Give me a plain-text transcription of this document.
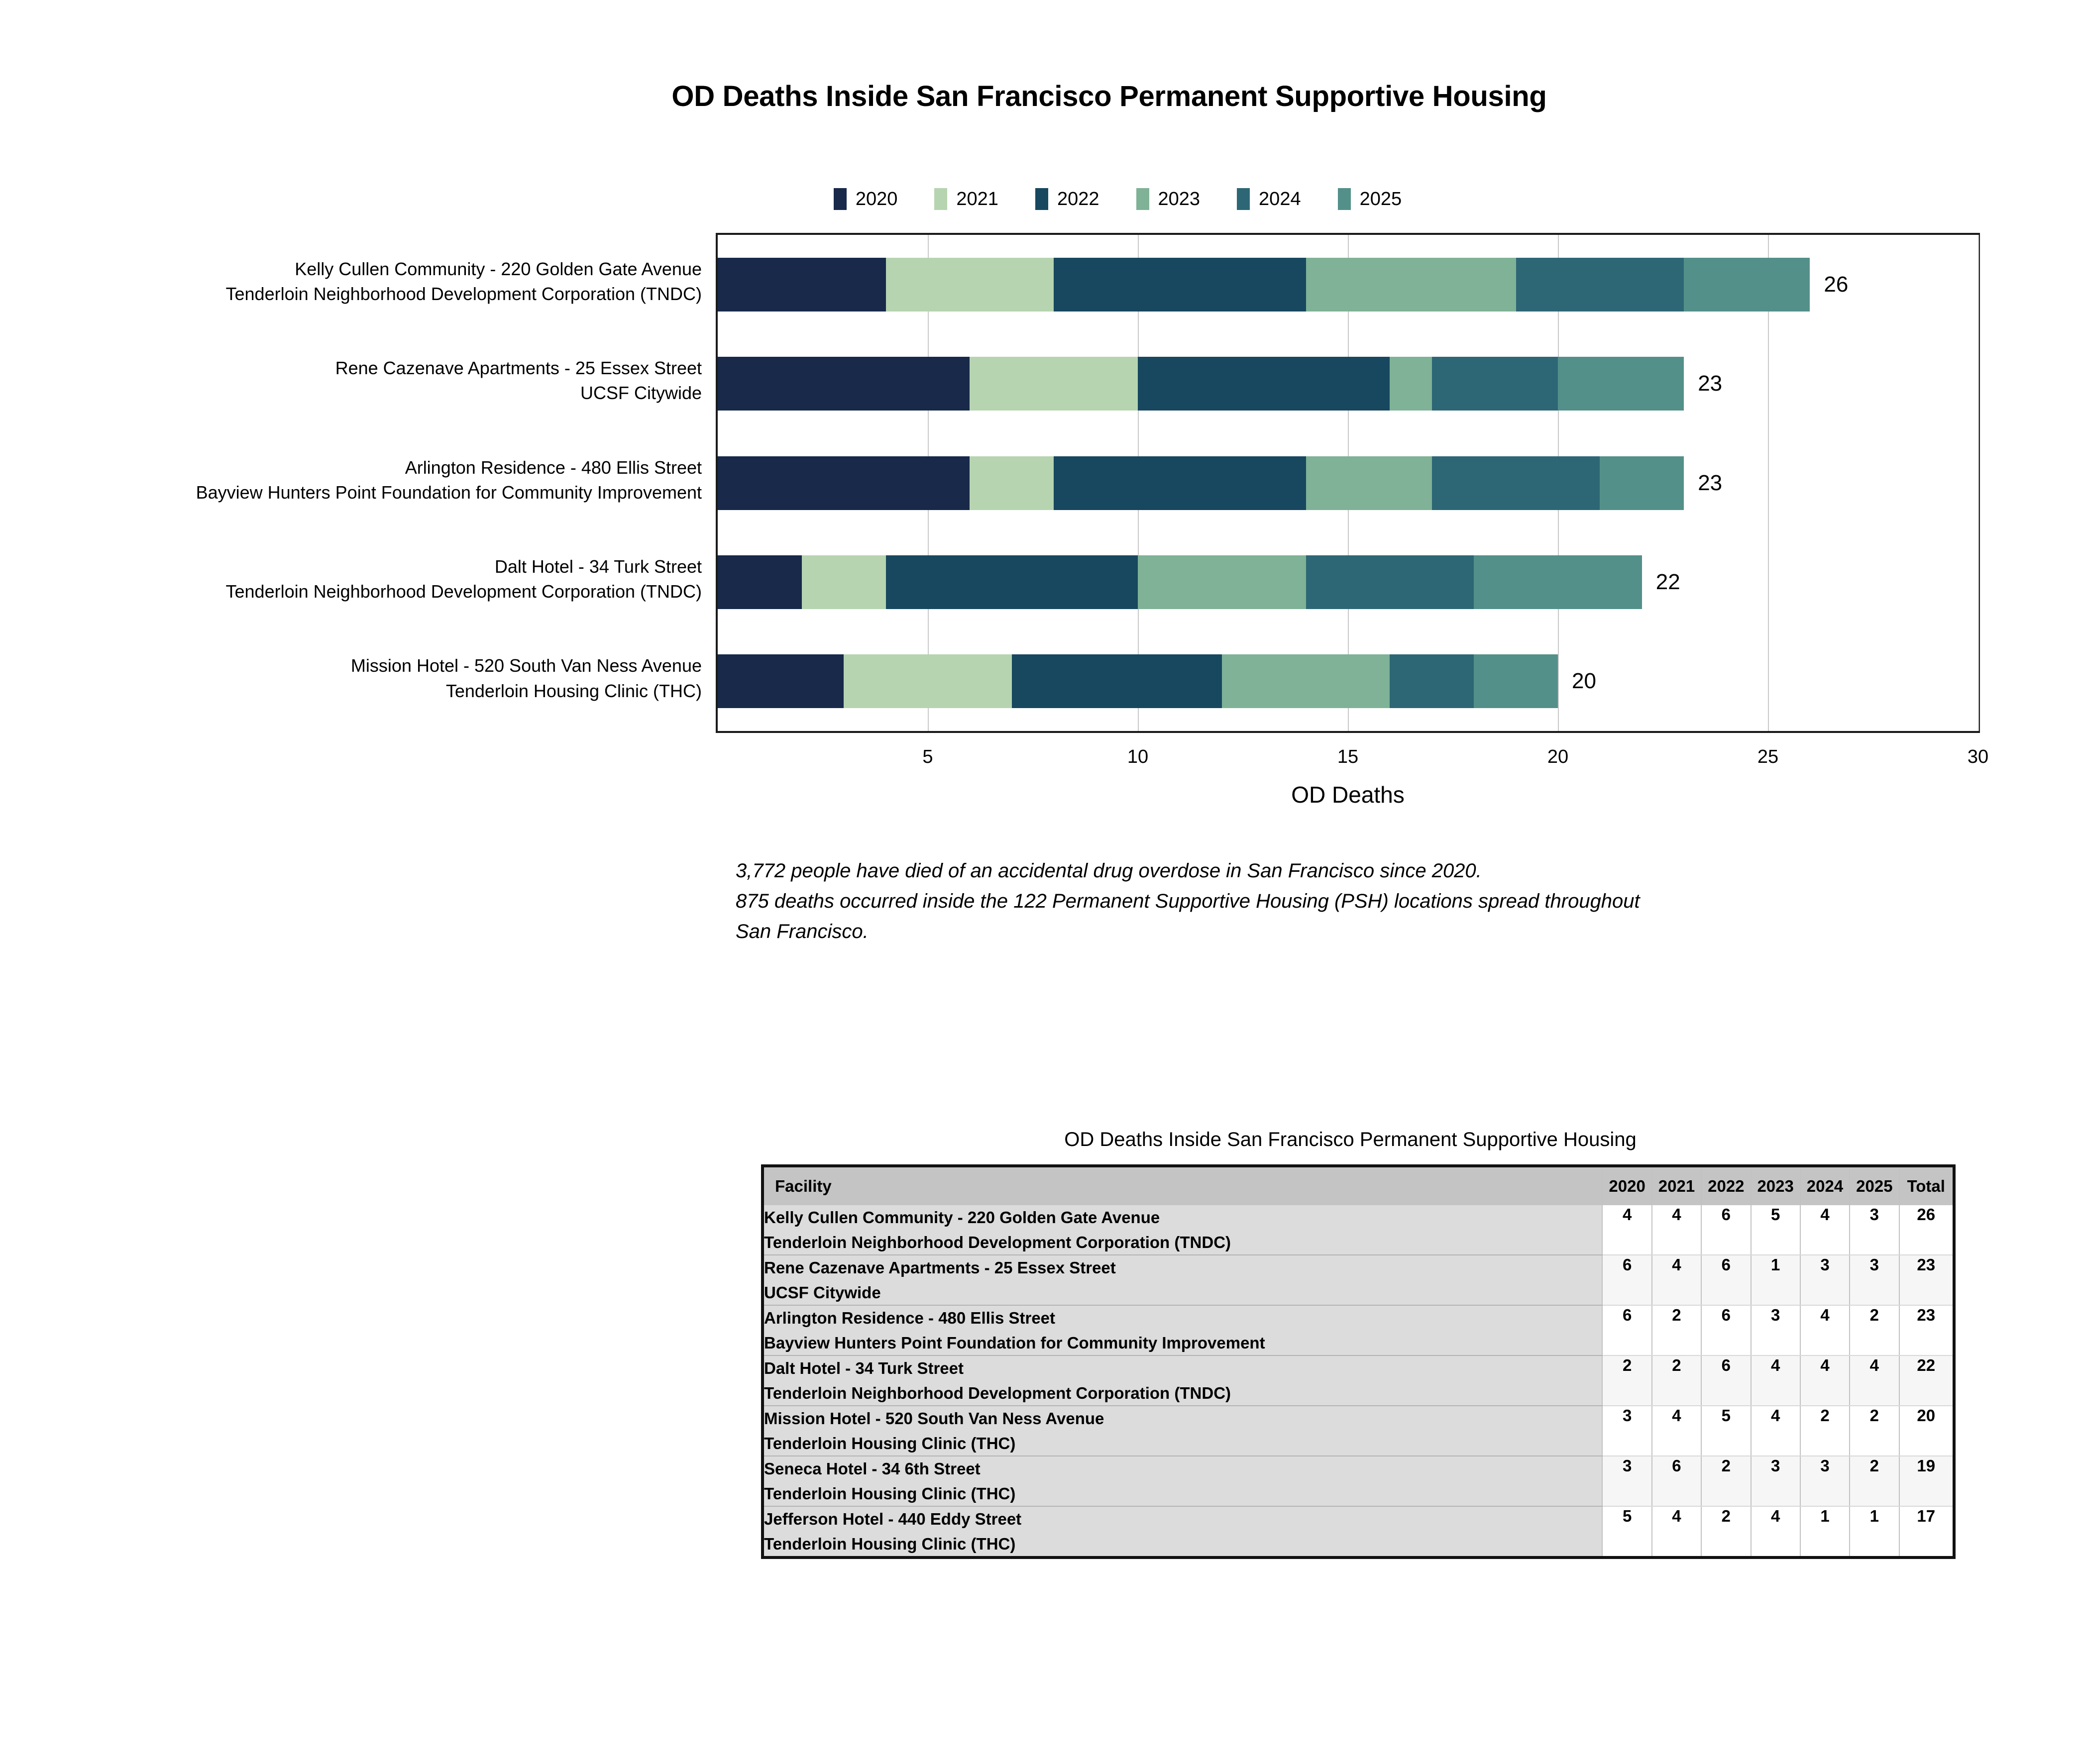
OD Deaths Inside San Francisco Permanent Supportive Housing
2020	2021	2022	2023	2024	2025
Kelly Cullen Community - 220 Golden Gate Avenue
Tenderloin Neighborhood Development Corporation (TNDC)
Rene Cazenave Apartments - 25 Essex Street
UCSF Citywide
Arlington Residence - 480 Ellis Street
Bayview Hunters Point Foundation for Community Improvement
Dalt Hotel - 34 Turk Street
Tenderloin Neighborhood Development Corporation (TNDC)
Mission Hotel - 520 South Van Ness Avenue
Tenderloin Housing Clinic (THC)
26
23
23
22
20
5	10	15	20	25	30
OD Deaths
3,772 people have died of an accidental drug overdose in San Francisco since 2020.
875 deaths occurred inside the 122 Permanent Supportive Housing (PSH) locations spread throughout
San Francisco.
OD Deaths Inside San Francisco Permanent Supportive Housing
Facility	2020	2021	2022	2023	2024	2025	Total

Kelly Cullen Community - 220 Golden Gate Avenue
Tenderloin Neighborhood Development Corporation (TNDC)	4	4	6	5	4	3	26

Rene Cazenave Apartments - 25 Essex Street
UCSF Citywide	6	4	6	1	3	3	23

Arlington Residence - 480 Ellis Street
Bayview Hunters Point Foundation for Community Improvement	6	2	6	3	4	2	23

Dalt Hotel - 34 Turk Street
Tenderloin Neighborhood Development Corporation (TNDC)	2	2	6	4	4	4	22

Mission Hotel - 520 South Van Ness Avenue
Tenderloin Housing Clinic (THC)	3	4	5	4	2	2	20

Seneca Hotel - 34 6th Street
Tenderloin Housing Clinic (THC)	3	6	2	3	3	2	19

Jefferson Hotel - 440 Eddy Street
Tenderloin Housing Clinic (THC)	5	4	2	4	1	1	17
